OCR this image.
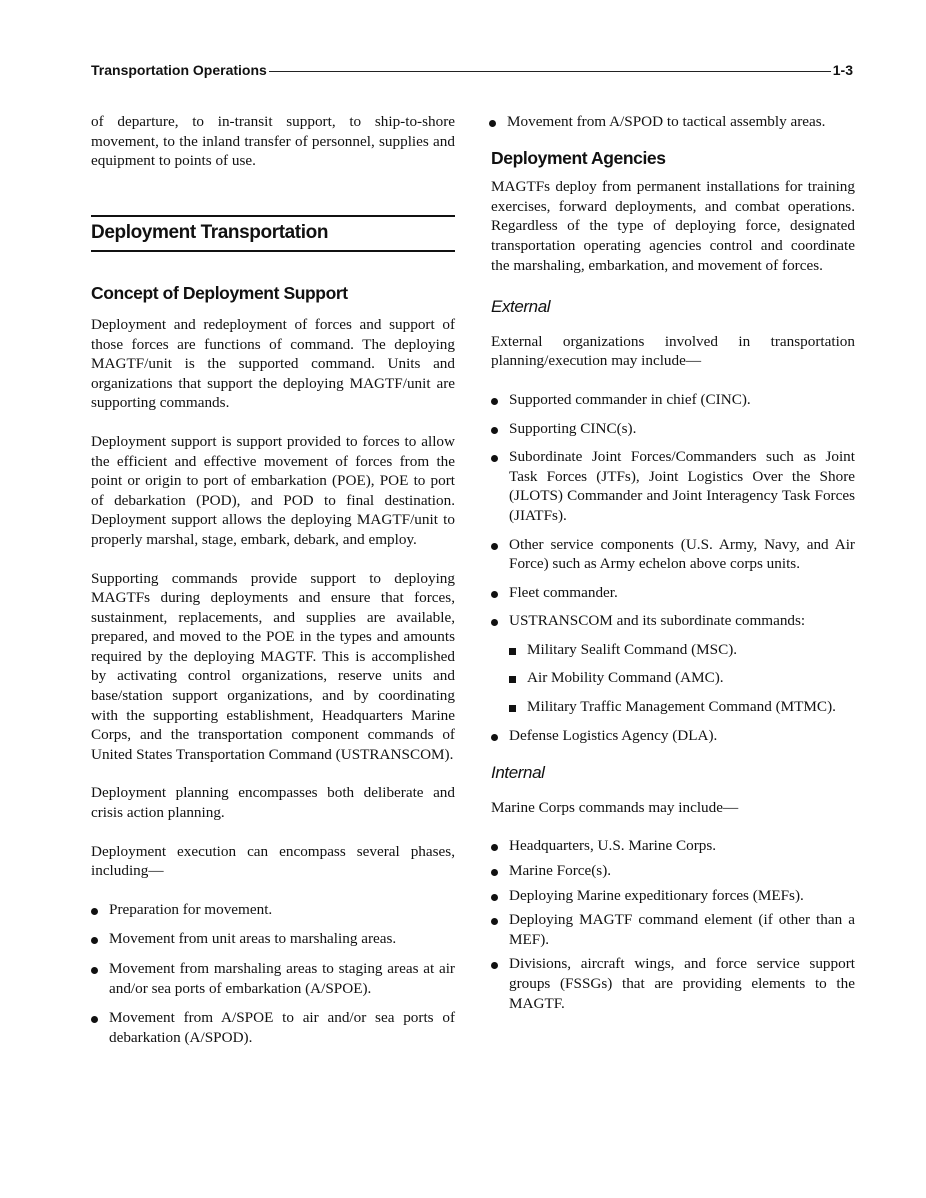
Transportation Operations	1-3

of departure, to in-transit support, to ship-to-shore movement, to the inland transfer of personnel, supplies and equipment to points of use.

Deployment Transportation
Concept of Deployment Support

Deployment and redeployment of forces and support of those forces are functions of command. The deploying MAGTF/unit is the supported command. Units and organizations that support the deploying MAGTF/unit are supporting commands.

Deployment support is support provided to forces to allow the efficient and effective movement of forces from the point or origin to port of embarkation (POE), POE to port of debarkation (POD), and POD to final destination. Deployment support allows the deploying MAGTF/unit to properly marshal, stage, embark, debark, and employ.

Supporting commands provide support to deploying MAGTFs during deployments and ensure that forces, sustainment, replacements, and supplies are available, prepared, and moved to the POE in the types and amounts required by the deploying MAGTF. This is accomplished by activating control organizations, reserve units and base/station support organizations, and by coordinating with the supporting establishment, Headquarters Marine Corps, and the transportation component commands of United States Transportation Command (USTRANSCOM).

Deployment planning encompasses both deliberate and crisis action planning.

Deployment execution can encompass several phases, including—

Preparation for movement.
Movement from unit areas to marshaling areas.
Movement from marshaling areas to staging areas at air and/or sea ports of embarkation (A/SPOE).
Movement from A/SPOE to air and/or sea ports of debarkation (A/SPOD).
Movement from A/SPOD to tactical assembly areas.
Deployment Agencies

MAGTFs deploy from permanent installations for training exercises, forward deployments, and combat operations. Regardless of the type of deploying force, designated transportation operating agencies control and coordinate the marshaling, embarkation, and movement of forces.

External

External organizations involved in transportation planning/execution may include—

Supported commander in chief (CINC).
Supporting CINC(s).
Subordinate Joint Forces/Commanders such as Joint Task Forces (JTFs), Joint Logistics Over the Shore (JLOTS) Commander and Joint Interagency Task Forces (JIATFs).
Other service components (U.S. Army, Navy, and Air Force) such as Army echelon above corps units.
Fleet commander.
USTRANSCOM and its subordinate commands:
Military Sealift Command (MSC).
Air Mobility Command (AMC).
Military Traffic Management Command (MTMC).
Defense Logistics Agency (DLA).
Internal

Marine Corps commands may include—

Headquarters, U.S. Marine Corps.
Marine Force(s).
Deploying Marine expeditionary forces (MEFs).
Deploying MAGTF command element (if other than a MEF).
Divisions, aircraft wings, and force service support groups (FSSGs) that are providing elements to the MAGTF.
